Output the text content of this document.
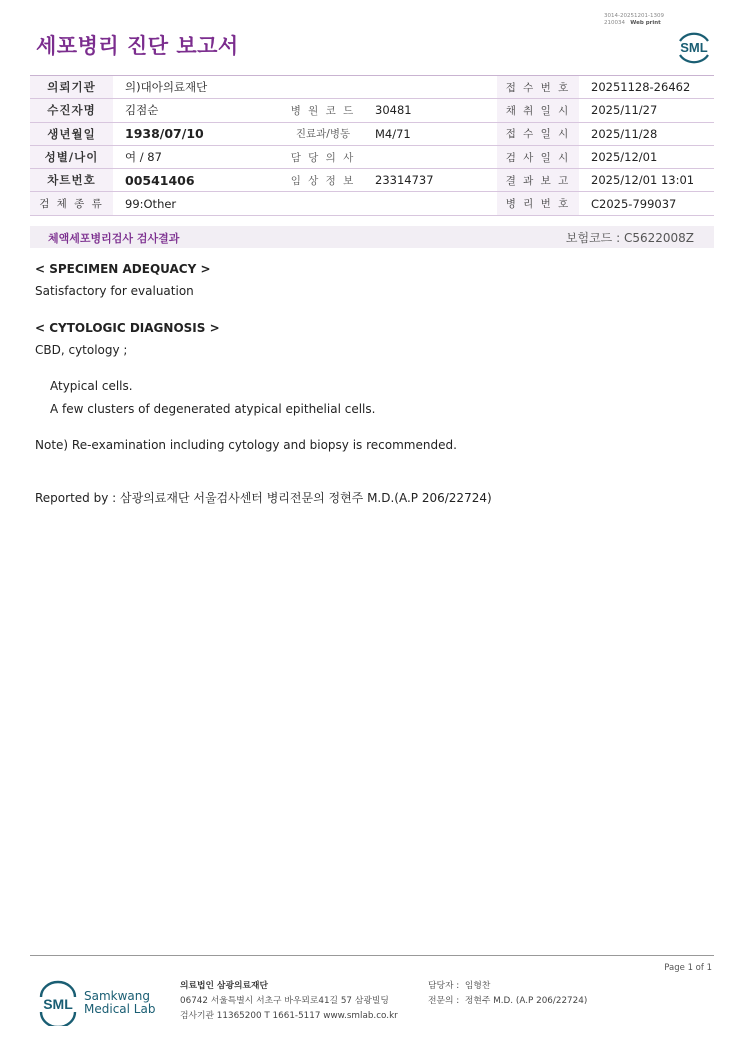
세포병리 진단 보고서
3014-20251201-1309
210034 Web print
SML
의뢰기관	의)대아의료재단			접 수 번 호	20251128-26462
수진자명	김점순	병 원 코 드	30481	채 취 일 시	2025/11/27
생년월일	1938/07/10	진료과/병동	M4/71	접 수 일 시	2025/11/28
성별/나이	여 / 87	담 당 의 사		검 사 일 시	2025/12/01
차트번호	00541406	임 상 정 보	23314737	결 과 보 고	2025/12/01 13:01
검 체 종 류	99:Other			병 리 번 호	C2025-799037
체액세포병리검사 검사결과	보험코드 : C5622008Z
< SPECIMEN ADEQUACY >
Satisfactory for evaluation
< CYTOLOGIC DIAGNOSIS >
CBD, cytology ;
Atypical cells.
A few clusters of degenerated atypical epithelial cells.
Note) Re-examination including cytology and biopsy is recommended.
Reported by : 삼광의료재단 서울검사센터 병리전문의 정현주 M.D.(A.P 206/22724)
Page 1 of 1
SML Samkwang
Medical Lab
의료법인 삼광의료재단
06742 서울특별시 서초구 바우뫼로41길 57 삼광빌딩
검사기관 11365200 T 1661-5117 www.smlab.co.kr
담당자 : 임형찬
전문의 : 정현주 M.D. (A.P 206/22724)
